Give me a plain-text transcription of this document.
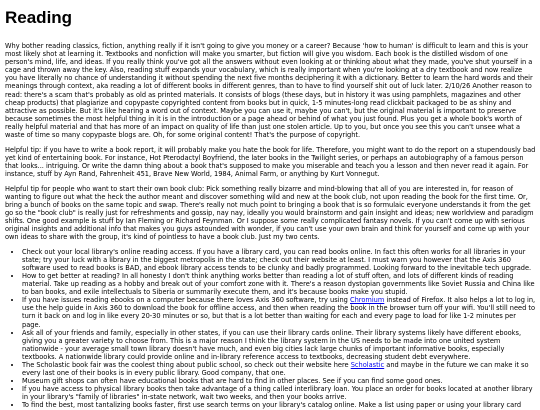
Reading

Why bother reading classics, fiction, anything really if it isn't going to give you money or a career? Because 'how to human' is difficult to learn and this is your most likely shot at learning it. Textbooks and nonfiction will make you smarter, but fiction will give you wisdom. Each book is the distilled wisdom of one person's mind, life, and ideas. If you really think you've got all the answers without even looking at or thinking about what they made, you've shut yourself in a cage and thrown away the key. Also, reading stuff expands your vocabulary, which is really important when you're looking at a dry textbook and now realize you have literally no chance of understanding it without spending the next five months deciphering it with a dictionary. Better to learn the hard words and their meanings through context, aka reading a lot of different books in different genres, than to have to find yourself shit out of luck later. 2/10/26 Another reason to read: there's a scam that's probably as old as printed materials. It consists of blogs (these days, but in history it was using pamphlets, magazines and other cheap products) that plagiarize and copypaste copyrighted content from books but in quick, 1-5 minutes-long read clickbait packaged to be as shiny and attractive as possible. But it's like hearing a word out of context. Maybe you can use it, maybe you can't, but the original material is important to preserve because sometimes the most helpful thing in it is in the introduction or a page ahead or behind of what you just found. Plus you get a whole book's worth of really helpful material and that has more of an impact on quality of life than just one stolen article. Up to you, but once you see this you can't unsee what a waste of time so many copypaste blogs are. Oh, for some original content! That's the purpose of copyright.

Helpful tip: if you have to write a book report, it will probably make you hate the book for life. Therefore, you might want to do the report on a stupendously bad yet kind of entertaining book. For instance, Hot Pterodactyl Boyfriend, the later books in the Twilight series, or perhaps an autobiography of a famous person that looks... intriguing. Or write the damn thing about a book that's supposed to make you miserable and teach you a lesson and then never read it again. For instance, stuff by Ayn Rand, Fahrenheit 451, Brave New World, 1984, Animal Farm, or anything by Kurt Vonnegut.

Helpful tip for people who want to start their own book club: Pick something really bizarre and mind-blowing that all of you are interested in, for reason of wanting to figure out what the heck the author meant and discover something wild and new at the book club, not upon reading the book for the first time. Or, bring a bunch of books on the same topic and swap. There's really not much point to bringing a book that is so formulaic everyone understands it from the get go so the "book club" is really just for refreshments and gossip, nay nay, ideally you would brainstorm and gain insight and ideas; new worldview and paradigm shifts. One good example is stuff by Ian Fleming or Richard Feynman. Or I suppose some really complicated fantasy novels. If you can't come up with serious original insights and additional info that makes you guys astounded with wonder, if you can't use your own brain and think for yourself and come up with your own ideas to share with the group, it's kind of pointless to have a book club. Just my two cents.

• Check out your local library's online reading access. If you have a library card, you can read books online. In fact this often works for all libraries in your state; try your luck with a library in the biggest metropolis in the state; check out their website at least. I must warn you however that the Axis 360 software used to read books is BAD, and ebook library access tends to be clunky and badly programmed. Looking forward to the inevitable tech upgrade.
• How to get better at reading? In all honesty I don't think anything works better than reading a lot of stuff often, and lots of different kinds of reading material. Take up reading as a hobby and break out of your comfort zone with it. There's a reason dystopian governments like Soviet Russia and China like to ban books, and exile intellectuals to Siberia or summarily execute them, and it's because books make you stupid.
• If you have issues reading ebooks on a computer because there loves Axis 360 software, try using Chromium instead of Firefox. It also helps a lot to log in, use the help guide in Axis 360 to download the book for offline access, and then when reading the book in the browser turn off your wifi. You'll still need to turn it back on and log in like every 20-30 minutes or so, but that is a lot better than waiting for each and every page to load for like 1-2 minutes per page.
• Ask all of your friends and family, especially in other states, if you can use their library cards online. Their library systems likely have different ebooks, giving you a greater variety to choose from. This is a major reason I think the library system in the US needs to be made into one united system nationwide - your average small town library doesn't have much, and even big cities lack large chunks of important informative books, especially textbooks. A nationwide library could provide online and in-library reference access to textbooks, decreasing student debt everywhere.
• The Scholastic book fair was the coolest thing about public school, so check out their website here Scholastic and maybe in the future we can make it so every last one of their books is in every public library. Good company, that one.
• Museum gift shops can often have educational books that are hard to find in other places. See if you can find some good ones.
• If you have access to physical library books then take advantage of a thing called interlibrary loan. You place an order for books located at another library in your library's "family of libraries" in-state network, wait two weeks, and then your books arrive.
• To find the best, most tantalizing books faster, first use search terms on your library's catalog online. Make a list using paper or using your library card
